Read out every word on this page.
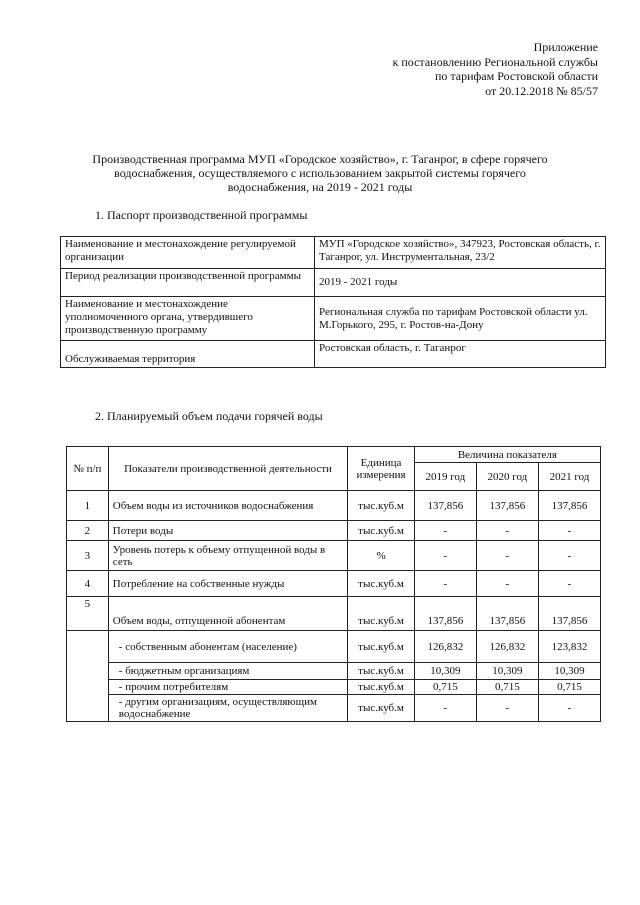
Приложение
к постановлению Региональной службы
по тарифам Ростовской области
от 20.12.2018 № 85/57
Производственная программа МУП «Городское хозяйство», г. Таганрог, в сфере горячего
водоснабжения, осуществляемого с использованием закрытой системы горячего
водоснабжения, на 2019 - 2021 годы
1. Паспорт производственной программы
Наименование и местонахождение регулируемой организации	МУП «Городское хозяйство», 347923, Ростовская область, г. Таганрог, ул. Инструментальная, 23/2
Период реализации производственной программы	2019 - 2021 годы
Наименование и местонахождение уполномоченного органа, утвердившего производственную программу	Региональная служба по тарифам Ростовской области ул. М.Горького, 295, г. Ростов-на-Дону
Обслуживаемая территория	Ростовская область, г. Таганрог
2. Планируемый объем подачи горячей воды
№ п/п	Показатели производственной деятельности	Единица измерения	Величина показателя		
			2019 год	2020 год	2021 год
1	Объем воды из источников водоснабжения	тыс.куб.м	137,856	137,856	137,856
2	Потери воды	тыс.куб.м	-	-	-
3	Уровень потерь к объему отпущенной воды в сеть	%	-	-	-
4	Потребление на собственные нужды	тыс.куб.м	-	-	-
5	Объем воды, отпущенной абонентам	тыс.куб.м	137,856	137,856	137,856
	- собственным абонентам (население)	тыс.куб.м	126,832	126,832	123,832
	- бюджетным организациям	тыс.куб.м	10,309	10,309	10,309
	- прочим потребителям	тыс.куб.м	0,715	0,715	0,715
	- другим организациям, осуществляющим водоснабжение	тыс.куб.м	-	-	-
